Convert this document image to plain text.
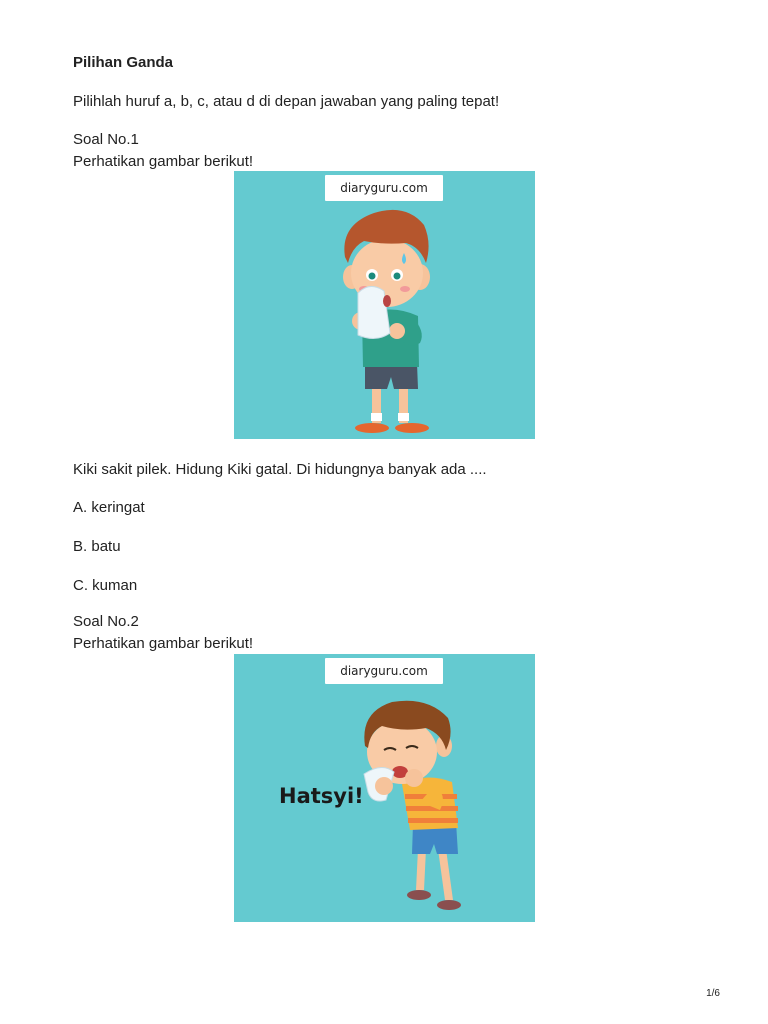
Pilihan Ganda
Pilihlah huruf a, b, c, atau d di depan jawaban yang paling tepat!
Soal No.1
Perhatikan gambar berikut!
diaryguru.com
Kiki sakit pilek. Hidung Kiki gatal. Di hidungnya banyak ada ....
A. keringat
B. batu
C. kuman
Soal No.2
Perhatikan gambar berikut!
diaryguru.com
Hatsyi!
1/6
